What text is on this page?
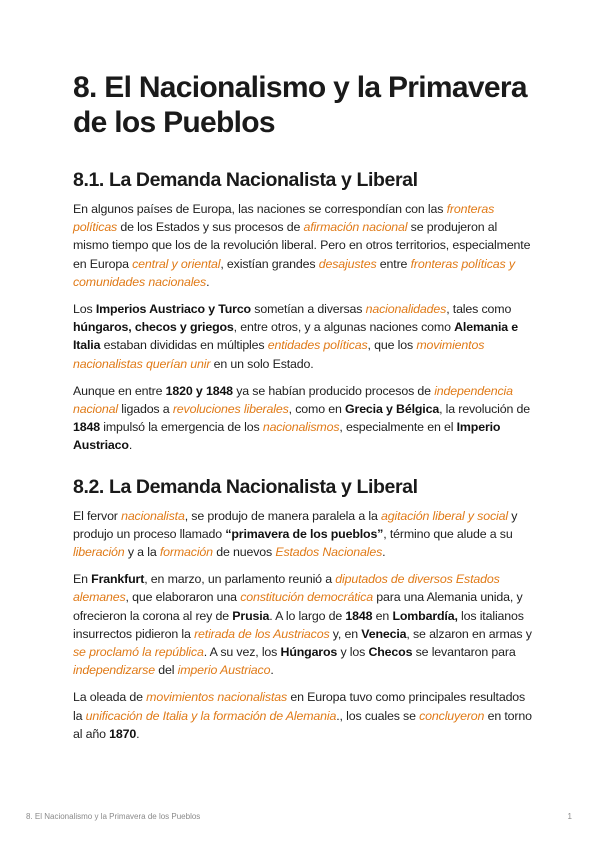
8. El Nacionalismo y la Primavera de los Pueblos
8.1. La Demanda Nacionalista y Liberal

En algunos países de Europa, las naciones se correspondían con las fronteras políticas de los Estados y sus procesos de afirmación nacional se produjeron al mismo tiempo que los de la revolución liberal. Pero en otros territorios, especialmente en Europa central y oriental, existían grandes desajustes entre fronteras políticas y comunidades nacionales.

Los Imperios Austriaco y Turco sometían a diversas nacionalidades, tales como húngaros, checos y griegos, entre otros, y a algunas naciones como Alemania e Italia estaban divididas en múltiples entidades políticas, que los movimientos nacionalistas querían unir en un solo Estado.

Aunque en entre 1820 y 1848 ya se habían producido procesos de independencia nacional ligados a revoluciones liberales, como en Grecia y Bélgica, la revolución de 1848 impulsó la emergencia de los nacionalismos, especialmente en el Imperio Austriaco.

8.2. La Demanda Nacionalista y Liberal

El fervor nacionalista, se produjo de manera paralela a la agitación liberal y social y produjo un proceso llamado “primavera de los pueblos”, término que alude a su liberación y a la formación de nuevos Estados Nacionales.

En Frankfurt, en marzo, un parlamento reunió a diputados de diversos Estados alemanes, que elaboraron una constitución democrática para una Alemania unida, y ofrecieron la corona al rey de Prusia. A lo largo de 1848 en Lombardía, los italianos insurrectos pidieron la retirada de los Austriacos y, en Venecia, se alzaron en armas y se proclamó la república. A su vez, los Húngaros y los Checos se levantaron para independizarse del imperio Austriaco.

La oleada de movimientos nacionalistas en Europa tuvo como principales resultados la unificación de Italia y la formación de Alemania., los cuales se concluyeron en torno al año 1870.

8. El Nacionalismo y la Primavera de los Pueblos	1
